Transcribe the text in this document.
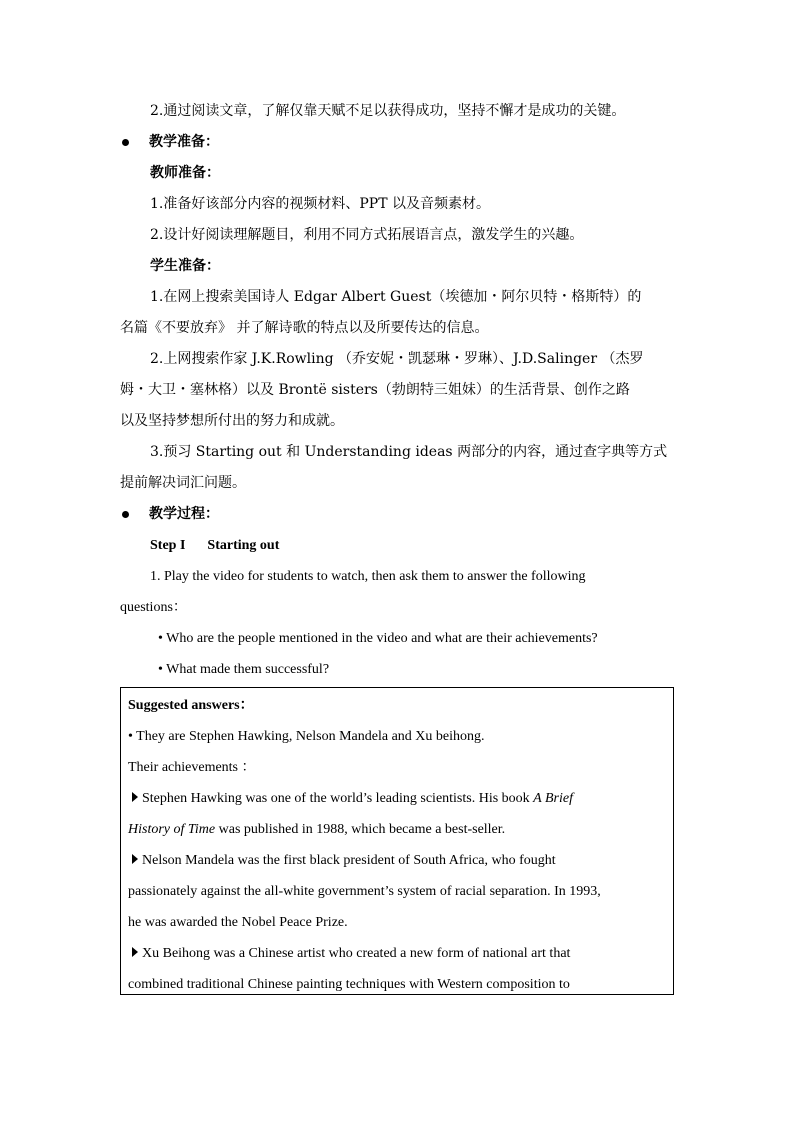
2.通过阅读文章，了解仅靠天赋不足以获得成功，坚持不懈才是成功的关键。

教学准备：

教师准备：

1.准备好该部分内容的视频材料、PPT 以及音频素材。

2.设计好阅读理解题目，利用不同方式拓展语言点，激发学生的兴趣。

学生准备：

1.在网上搜索美国诗人 Edgar Albert Guest（埃德加・阿尔贝特・格斯特）的

名篇《不要放弃》 并了解诗歌的特点以及所要传达的信息。

2.上网搜索作家 J.K.Rowling （乔安妮・凯瑟琳・罗琳）、J.D.Salinger （杰罗

姆・大卫・塞林格）以及 Brontë sisters（勃朗特三姐妹）的生活背景、创作之路

以及坚持梦想所付出的努力和成就。

3.预习 Starting out 和 Understanding ideas 两部分的内容，通过查字典等方式

提前解决词汇问题。

教学过程：

Step I Starting out

1. Play the video for students to watch, then ask them to answer the following

questions：

• Who are the people mentioned in the video and what are their achievements?

• What made them successful?

Suggested answers：

• They are Stephen Hawking, Nelson Mandela and Xu beihong.

Their achievements ：

Stephen Hawking was one of the world’s leading scientists. His book A Brief

History of Time was published in 1988, which became a best-seller.

Nelson Mandela was the first black president of South Africa, who fought

passionately against the all-white government’s system of racial separation. In 1993,

he was awarded the Nobel Peace Prize.

Xu Beihong was a Chinese artist who created a new form of national art that

combined traditional Chinese painting techniques with Western composition to
